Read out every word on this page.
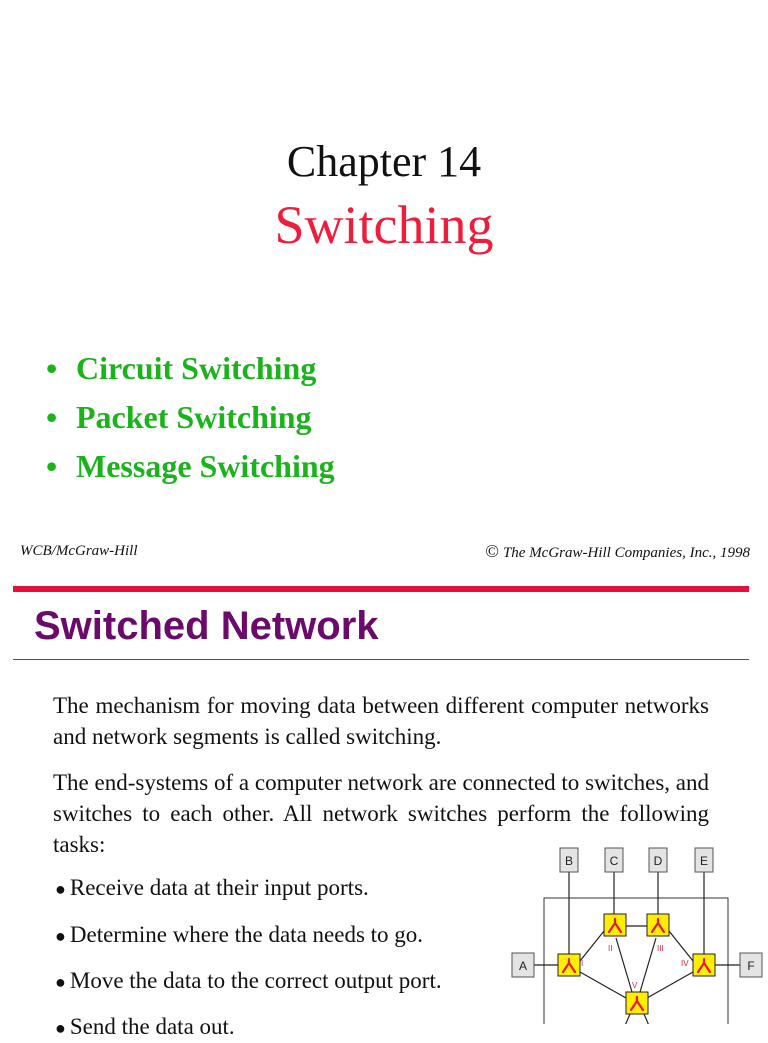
Chapter 14
Switching
• Circuit Switching
• Packet Switching
• Message Switching
WCB/McGraw-Hill	© The McGraw-Hill Companies, Inc., 1998
Switched Network

The mechanism for moving data between different computer networks and network segments is called switching.

The end-systems of a computer network are connected to switches, and switches to each other. All network switches perform the following tasks:

● Receive data at their input ports.
● Determine where the data needs to go.
● Move the data to the correct output port.
● Send the data out.
I
II	III
IV
V
A
B	C	D	E
F
